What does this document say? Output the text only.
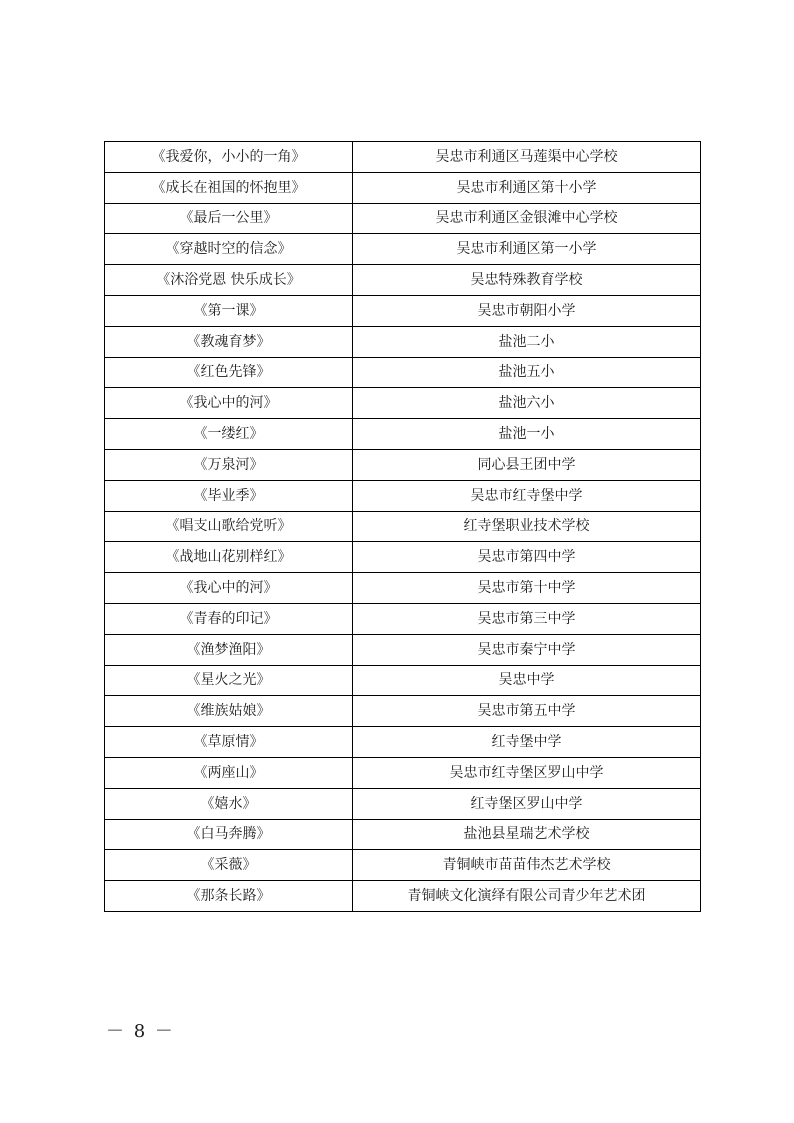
《我爱你，小小的一角》	吴忠市利通区马莲渠中心学校
《成长在祖国的怀抱里》	吴忠市利通区第十小学
《最后一公里》	吴忠市利通区金银滩中心学校
《穿越时空的信念》	吴忠市利通区第一小学
《沐浴党恩 快乐成长》	吴忠特殊教育学校
《第一课》	吴忠市朝阳小学
《教魂育梦》	盐池二小
《红色先锋》	盐池五小
《我心中的河》	盐池六小
《一缕红》	盐池一小
《万泉河》	同心县王团中学
《毕业季》	吴忠市红寺堡中学
《唱支山歌给党听》	红寺堡职业技术学校
《战地山花别样红》	吴忠市第四中学
《我心中的河》	吴忠市第十中学
《青春的印记》	吴忠市第三中学
《渔梦渔阳》	吴忠市秦宁中学
《星火之光》	吴忠中学
《维族姑娘》	吴忠市第五中学
《草原情》	红寺堡中学
《两座山》	吴忠市红寺堡区罗山中学
《嬉水》	红寺堡区罗山中学
《白马奔腾》	盐池县星瑞艺术学校
《采薇》	青铜峡市苗苗伟杰艺术学校
《那条长路》	青铜峡文化演绎有限公司青少年艺术团
－ 8 －
